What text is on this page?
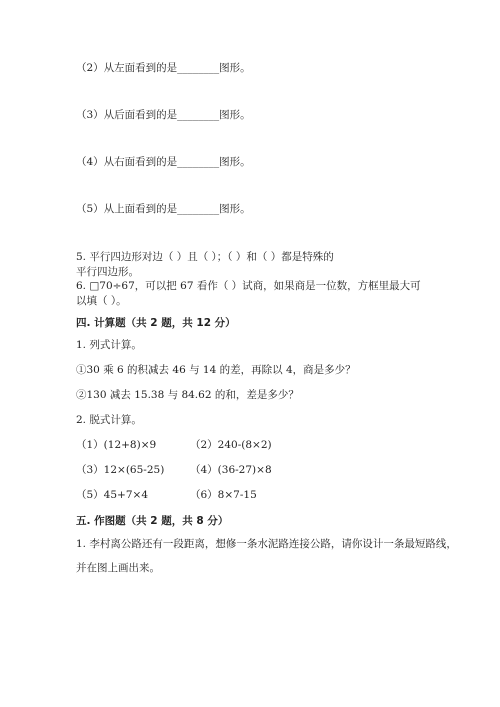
（2）从左面看到的是________图形。
（3）从后面看到的是________图形。
（4）从右面看到的是________图形。
（5）从上面看到的是________图形。
5. 平行四边形对边（ ）且（ ）；（ ）和（ ）都是特殊的
平行四边形。
6. □70÷67，可以把 67 看作（ ）试商，如果商是一位数，方框里最大可
以填（ ）。
四. 计算题（共 2 题，共 12 分）
1. 列式计算。
①30 乘 6 的积减去 46 与 14 的差，再除以 4，商是多少？
②130 减去 15.38 与 84.62 的和，差是多少？
2. 脱式计算。
（1）(12+8)×9	（2）240-(8×2)
（3）12×(65-25) （4）(36-27)×8
（5）45+7×4	（6）8×7-15
五. 作图题（共 2 题，共 8 分）
1. 李村离公路还有一段距离，想修一条水泥路连接公路，请你设计一条最短路线，
并在图上画出来。
